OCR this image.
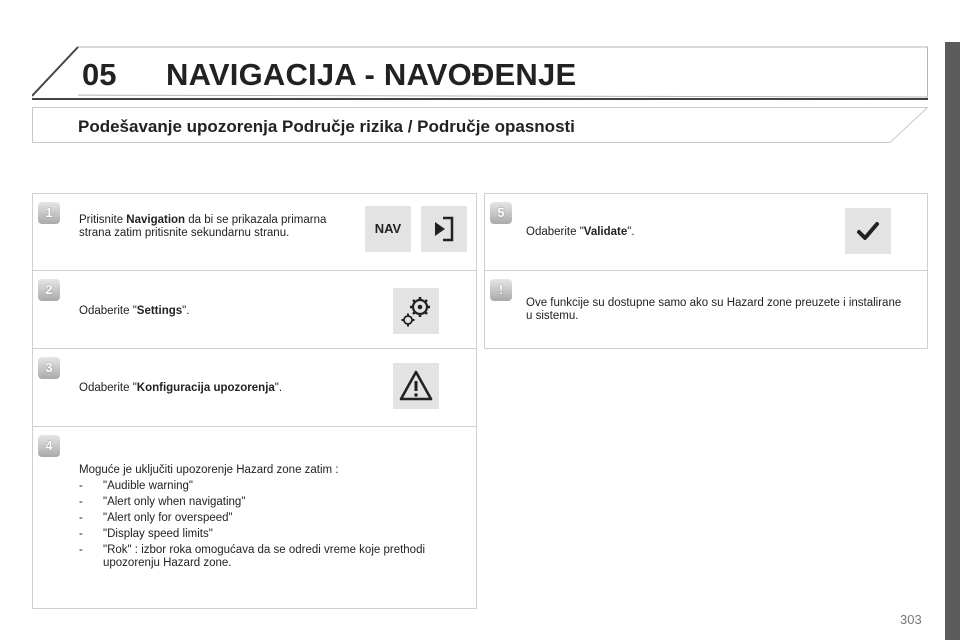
05 NAVIGACIJA - NAVOĐENJE
Podešavanje upozorenja Područje rizika / Područje opasnosti
1	Pritisnite Navigation da bi se prikazala primarna strana zatim pritisnite sekundarnu stranu.	NAV
2
Odaberite "Settings".
3
Odaberite "Konfiguracija upozorenja".
4
Moguće je uključiti upozorenje Hazard zone zatim :
- "Audible warning"
- "Alert only when navigating"
- "Alert only for overspeed"
- "Display speed limits"
- "Rok" : izbor roka omogućava da se odredi vreme koje prethodi upozorenju Hazard zone.
5
Odaberite "Validate".
!
Ove funkcije su dostupne samo ako su Hazard zone preuzete i instalirane u sistemu.
303
